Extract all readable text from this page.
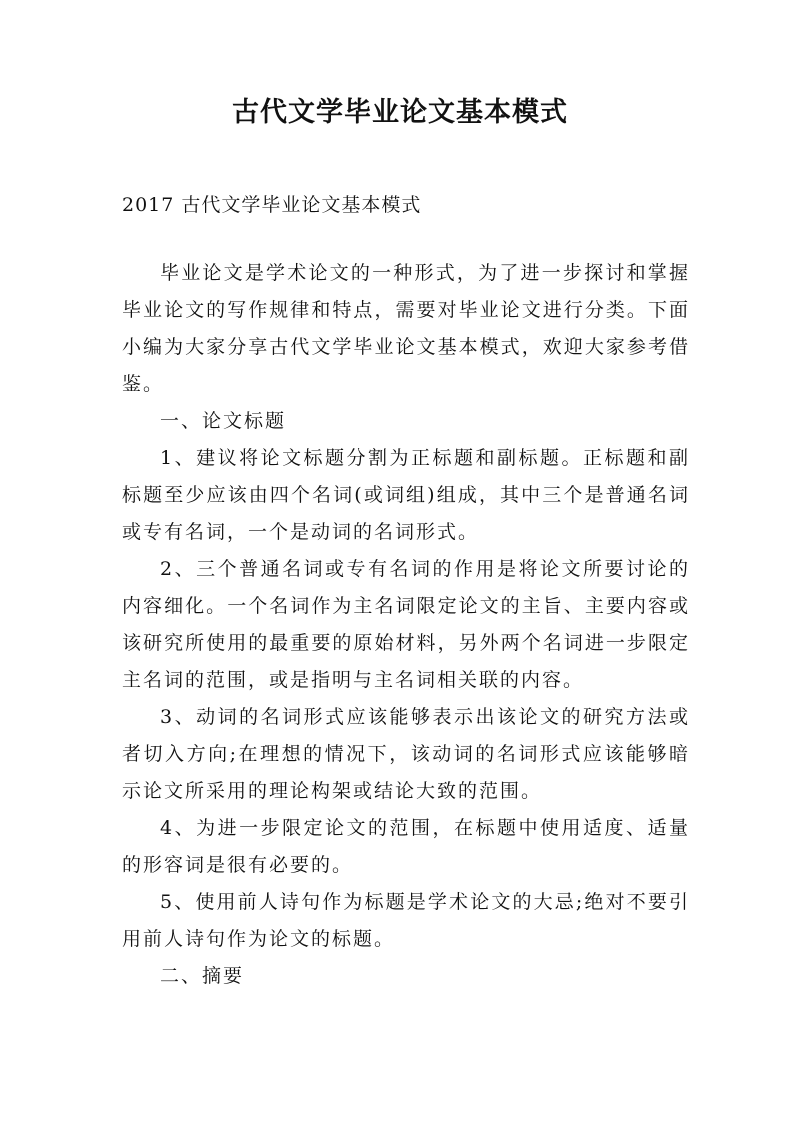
古代文学毕业论文基本模式

2017 古代文学毕业论文基本模式

毕业论文是学术论文的一种形式，为了进一步探讨和掌握毕业论文的写作规律和特点，需要对毕业论文进行分类。下面小编为大家分享古代文学毕业论文基本模式，欢迎大家参考借鉴。

一、论文标题

1、建议将论文标题分割为正标题和副标题。正标题和副标题至少应该由四个名词(或词组)组成，其中三个是普通名词或专有名词，一个是动词的名词形式。

2、三个普通名词或专有名词的作用是将论文所要讨论的内容细化。一个名词作为主名词限定论文的主旨、主要内容或该研究所使用的最重要的原始材料，另外两个名词进一步限定主名词的范围，或是指明与主名词相关联的内容。

3、动词的名词形式应该能够表示出该论文的研究方法或者切入方向;在理想的情况下，该动词的名词形式应该能够暗示论文所采用的理论构架或结论大致的范围。

4、为进一步限定论文的范围，在标题中使用适度、适量的形容词是很有必要的。

5、使用前人诗句作为标题是学术论文的大忌;绝对不要引用前人诗句作为论文的标题。

二、摘要
